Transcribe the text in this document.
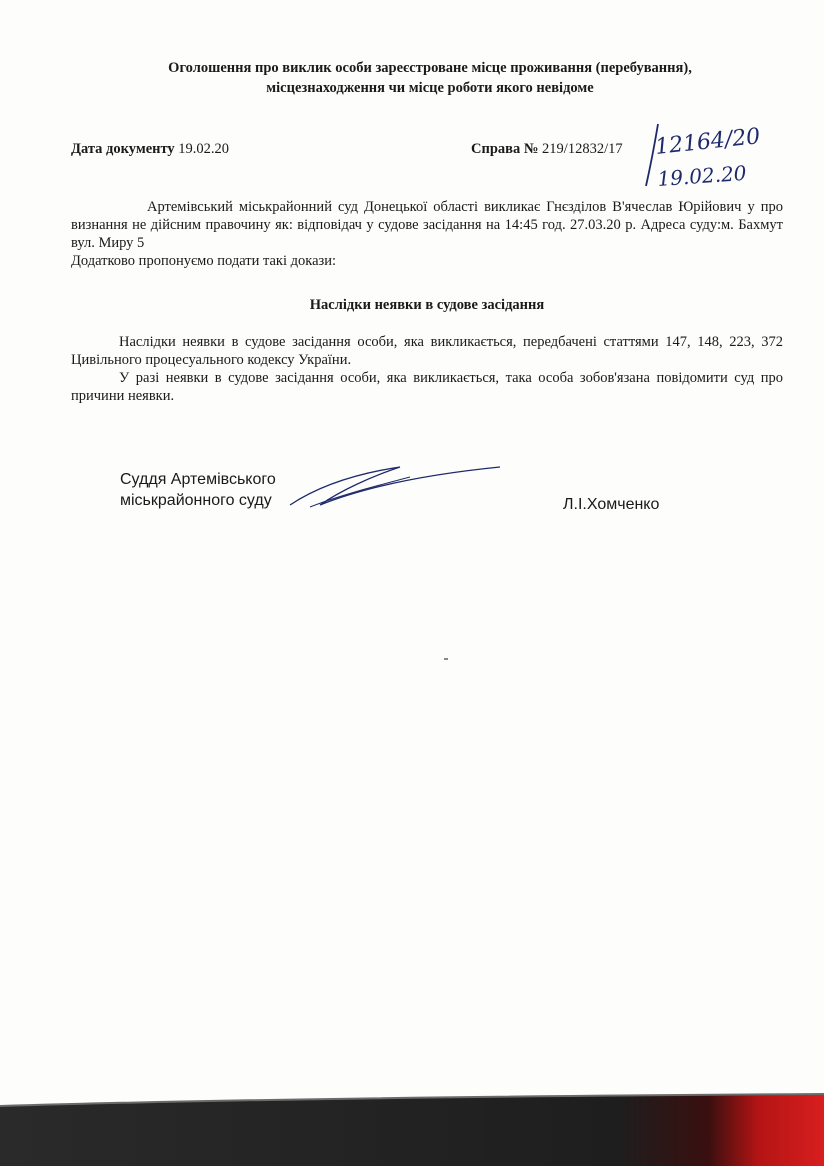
Оголошення про виклик особи зареєстроване місце проживання (перебування),
місцезнаходження чи місце роботи якого невідоме
Дата документу 19.02.20	Справа № 219/12832/17 12164/20
19.02.20

Артемівський міськрайонний суд Донецької області викликає Гнєзділов В'ячеслав Юрійович у про визнання не дійсним правочину як: відповідач у судове засідання на 14:45 год. 27.03.20 р. Адреса суду:м. Бахмут вул. Миру 5

Додатково пропонуємо подати такі докази:

Наслідки неявки в судове засідання

Наслідки неявки в судове засідання особи, яка викликається, передбачені статтями 147, 148, 223, 372 Цивільного процесуального кодексу України.

У разі неявки в судове засідання особи, яка викликається, така особа зобов'язана повідомити суд про причини неявки.

Суддя Артемівського
міськрайонного суду	Л.І.Хомченко
